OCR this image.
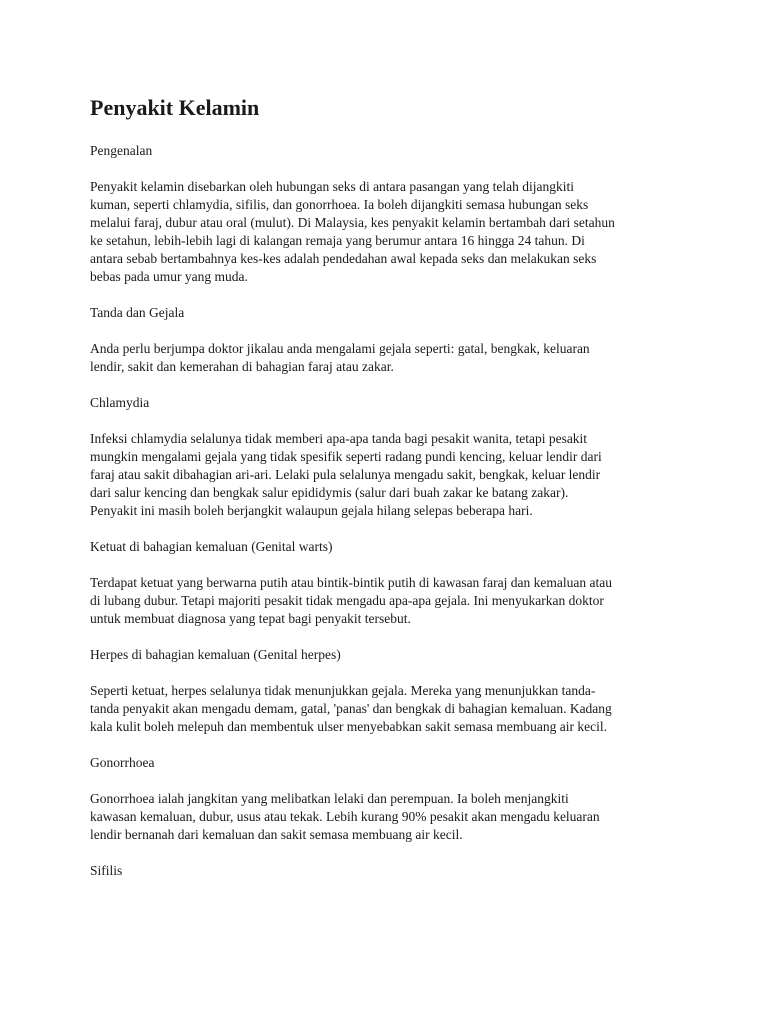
Penyakit Kelamin
Pengenalan
Penyakit kelamin disebarkan oleh hubungan seks di antara pasangan yang telah dijangkiti
kuman, seperti chlamydia, sifilis, dan gonorrhoea. Ia boleh dijangkiti semasa hubungan seks
melalui faraj, dubur atau oral (mulut). Di Malaysia, kes penyakit kelamin bertambah dari setahun
ke setahun, lebih-lebih lagi di kalangan remaja yang berumur antara 16 hingga 24 tahun. Di
antara sebab bertambahnya kes-kes adalah pendedahan awal kepada seks dan melakukan seks
bebas pada umur yang muda.
Tanda dan Gejala
Anda perlu berjumpa doktor jikalau anda mengalami gejala seperti: gatal, bengkak, keluaran
lendir, sakit dan kemerahan di bahagian faraj atau zakar.
Chlamydia
Infeksi chlamydia selalunya tidak memberi apa-apa tanda bagi pesakit wanita, tetapi pesakit
mungkin mengalami gejala yang tidak spesifik seperti radang pundi kencing, keluar lendir dari
faraj atau sakit dibahagian ari-ari. Lelaki pula selalunya mengadu sakit, bengkak, keluar lendir
dari salur kencing dan bengkak salur epididymis (salur dari buah zakar ke batang zakar).
Penyakit ini masih boleh berjangkit walaupun gejala hilang selepas beberapa hari.
Ketuat di bahagian kemaluan (Genital warts)
Terdapat ketuat yang berwarna putih atau bintik-bintik putih di kawasan faraj dan kemaluan atau
di lubang dubur. Tetapi majoriti pesakit tidak mengadu apa-apa gejala. Ini menyukarkan doktor
untuk membuat diagnosa yang tepat bagi penyakit tersebut.
Herpes di bahagian kemaluan (Genital herpes)
Seperti ketuat, herpes selalunya tidak menunjukkan gejala. Mereka yang menunjukkan tanda-
tanda penyakit akan mengadu demam, gatal, 'panas' dan bengkak di bahagian kemaluan. Kadang
kala kulit boleh melepuh dan membentuk ulser menyebabkan sakit semasa membuang air kecil.
Gonorrhoea
Gonorrhoea ialah jangkitan yang melibatkan lelaki dan perempuan. Ia boleh menjangkiti
kawasan kemaluan, dubur, usus atau tekak. Lebih kurang 90% pesakit akan mengadu keluaran
lendir bernanah dari kemaluan dan sakit semasa membuang air kecil.
Sifilis
